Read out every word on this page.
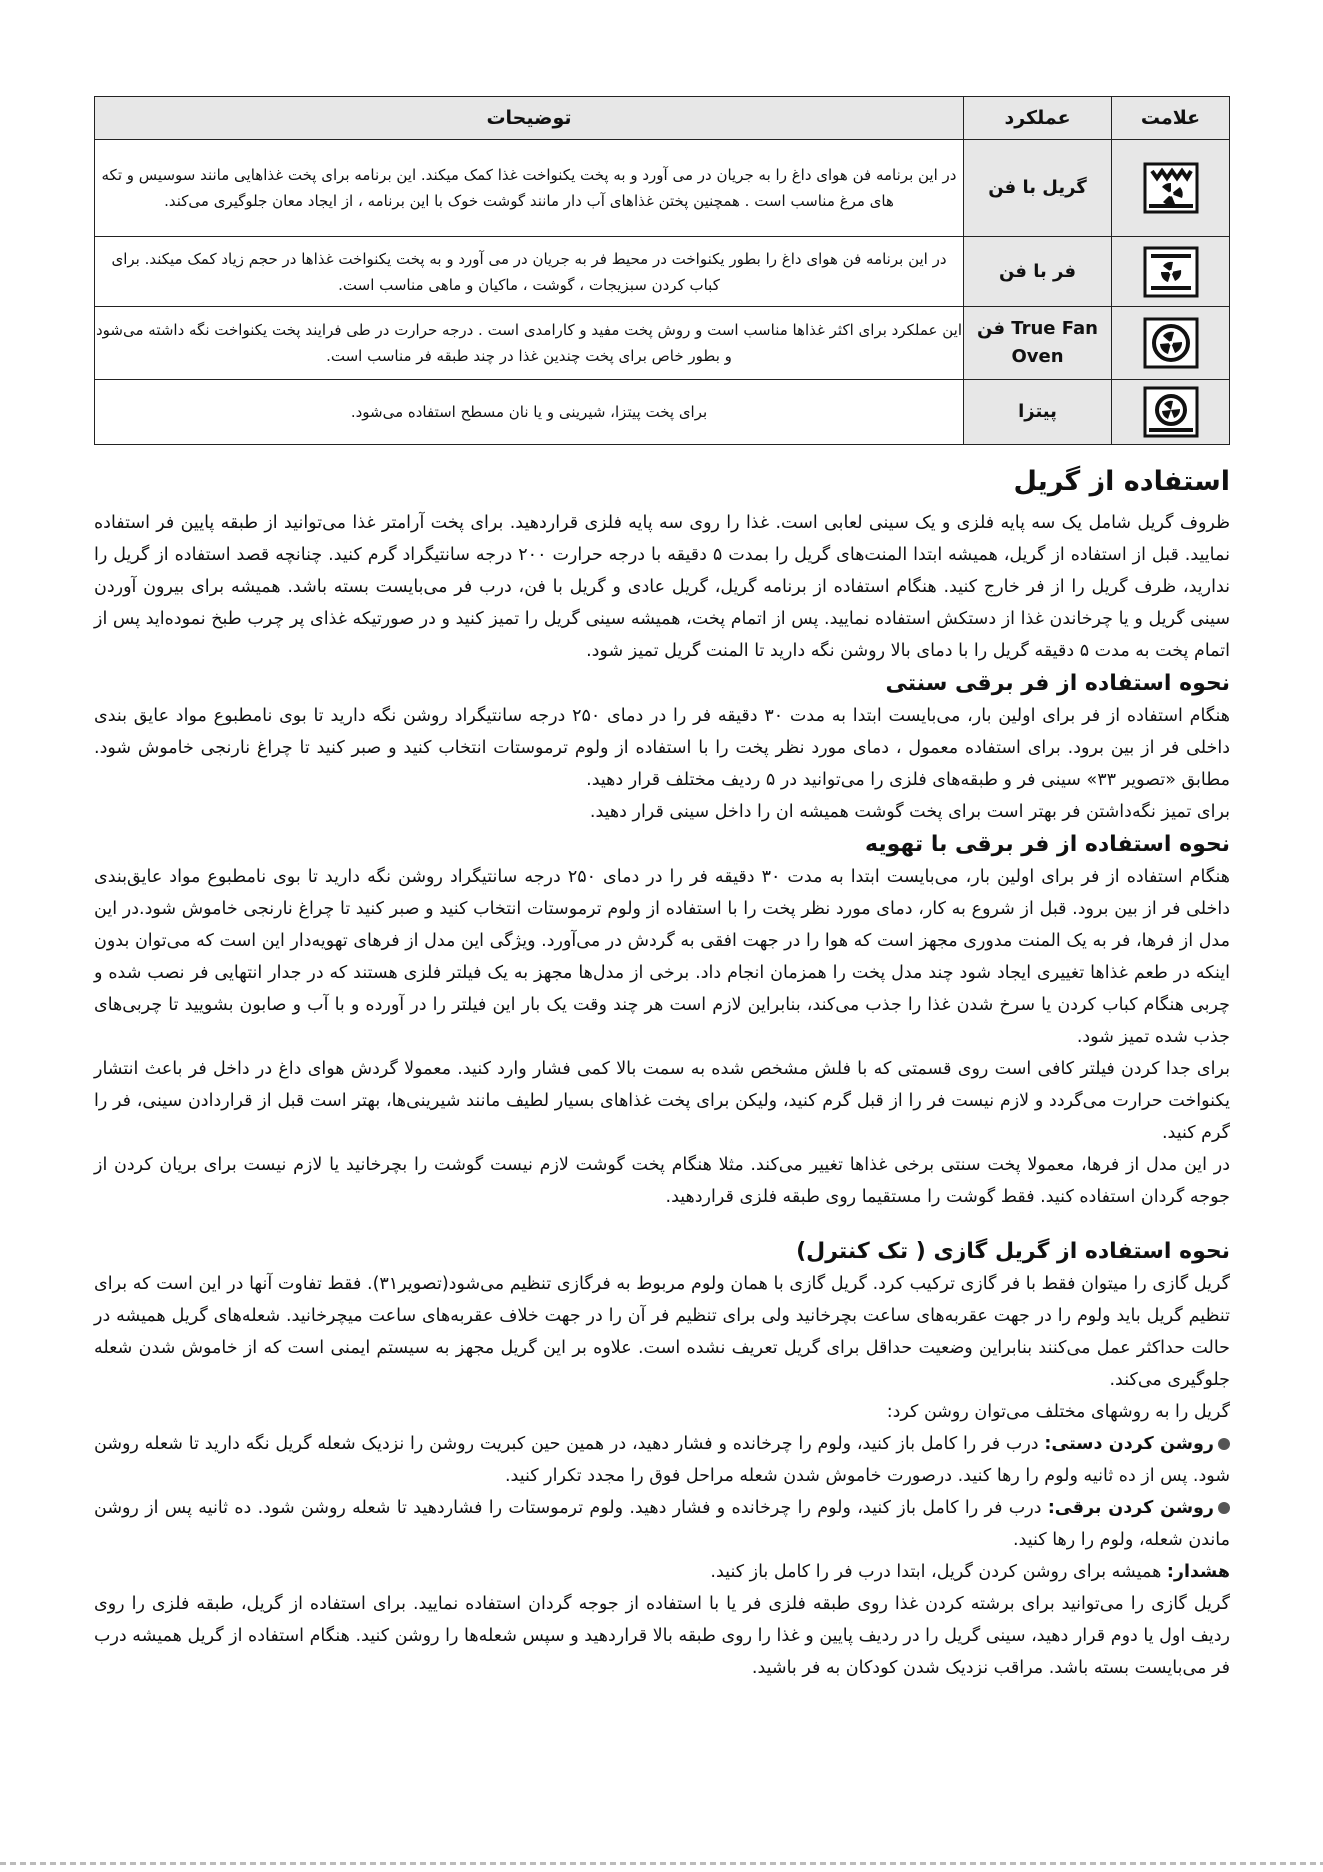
علامت	عملکرد	توضیحات
	گریل با فن	در این برنامه فن هوای داغ را به جریان در می آورد و به پخت یکنواخت غذا کمک میکند. این برنامه برای پخت غذاهایی مانند سوسیس و تکه های مرغ مناسب است . همچنین پختن غذاهای آب دار مانند گوشت خوک با این برنامه ، از ایجاد معان جلوگیری می‌کند.
	فر با فن	در این برنامه فن هوای داغ را بطور یکنواخت در محیط فر به جریان در می آورد و به پخت یکنواخت غذاها در حجم زیاد کمک میکند. برای کباب کردن سبزیجات ، گوشت ، ماکیان و ماهی مناسب است.
	True Fan فن Oven	این عملکرد برای اکثر غذاها مناسب است و روش پخت مفید و کارامدی است . درجه حرارت در طی فرایند پخت یکنواخت نگه داشته می‌شود و بطور خاص برای پخت چندین غذا در چند طبقه فر مناسب است.
	پیتزا	برای پخت پیتزا، شیرینی و یا نان مسطح استفاده می‌شود.
استفاده از گریل

ظروف گریل شامل یک سه پایه فلزی و یک سینی لعابی است. غذا را روی سه پایه فلزی قراردهید. برای پخت آرامتر غذا می‌توانید از طبقه پایین فر استفاده نمایید. قبل از استفاده از گریل، همیشه ابتدا المنت‌های گریل را بمدت ۵ دقیقه با درجه حرارت ۲۰۰ درجه سانتیگراد گرم کنید. چنانچه قصد استفاده از گریل را ندارید، ظرف گریل را از فر خارج کنید. هنگام استفاده از برنامه گریل، گریل عادی و گریل با فن، درب فر می‌بایست بسته باشد. همیشه برای بیرون آوردن سینی گریل و یا چرخاندن غذا از دستکش استفاده نمایید. پس از اتمام پخت، همیشه سینی گریل را تمیز کنید و در صورتیکه غذای پر چرب طبخ نموده‌اید پس از اتمام پخت به مدت ۵ دقیقه گریل را با دمای بالا روشن نگه دارید تا المنت گریل تمیز شود.

نحوه استفاده از فر برقی سنتی

هنگام استفاده از فر برای اولین بار، می‌بایست ابتدا به مدت ۳۰ دقیقه فر را در دمای ۲۵۰ درجه سانتیگراد روشن نگه دارید تا بوی نامطبوع مواد عایق بندی داخلی فر از بین برود. برای استفاده معمول ، دمای مورد نظر پخت را با استفاده از ولوم ترموستات انتخاب کنید و صبر کنید تا چراغ نارنجی خاموش شود. مطابق «تصویر ۳۳» سینی فر و طبقه‌های فلزی را می‌توانید در ۵ ردیف مختلف قرار دهید.

برای تمیز نگه‌داشتن فر بهتر است برای پخت گوشت همیشه ان را داخل سینی قرار دهید.

نحوه استفاده از فر برقی با تهویه

هنگام استفاده از فر برای اولین بار، می‌بایست ابتدا به مدت ۳۰ دقیقه فر را در دمای ۲۵۰ درجه سانتیگراد روشن نگه دارید تا بوی نامطبوع مواد عایق‌بندی داخلی فر از بین برود. قبل از شروع به کار، دمای مورد نظر پخت را با استفاده از ولوم ترموستات انتخاب کنید و صبر کنید تا چراغ نارنجی خاموش شود.در این مدل از فرها، فر به یک المنت مدوری مجهز است که هوا را در جهت افقی به گردش در می‌آورد. ویژگی این مدل از فرهای تهویه‌دار این است که می‌توان بدون اینکه در طعم غذاها تغییری ایجاد شود چند مدل پخت را همزمان انجام داد. برخی از مدل‌ها مجهز به یک فیلتر فلزی هستند که در جدار انتهایی فر نصب شده و چربی هنگام کباب کردن یا سرخ شدن غذا را جذب می‌کند، بنابراین لازم است هر چند وقت یک بار این فیلتر را در آورده و با آب و صابون بشویید تا چربی‌های جذب شده تمیز شود.

برای جدا کردن فیلتر کافی است روی قسمتی که با فلش مشخص شده به سمت بالا کمی فشار وارد کنید. معمولا گردش هوای داغ در داخل فر باعث انتشار یکنواخت حرارت می‌گردد و لازم نیست فر را از قبل گرم کنید، ولیکن برای پخت غذاهای بسیار لطیف مانند شیرینی‌ها، بهتر است قبل از قراردادن سینی، فر را گرم کنید.

در این مدل از فرها، معمولا پخت سنتی برخی غذاها تغییر می‌کند. مثلا هنگام پخت گوشت لازم نیست گوشت را بچرخانید یا لازم نیست برای بریان کردن از جوجه گردان استفاده کنید. فقط گوشت را مستقیما روی طبقه فلزی قراردهید.

نحوه استفاده از گریل گازی ( تک کنترل)

گریل گازی را میتوان فقط با فر گازی ترکیب کرد. گریل گازی با همان ولوم مربوط به فرگازی تنظیم می‌شود(تصویر۳۱). فقط تفاوت آنها در این است که برای تنظیم گریل باید ولوم را در جهت عقربه‌های ساعت بچرخانید ولی برای تنظیم فر آن را در جهت خلاف عقربه‌های ساعت میچرخانید. شعله‌های گریل همیشه در حالت حداکثر عمل می‌کنند بنابراین وضعیت حداقل برای گریل تعریف نشده است. علاوه بر این گریل مجهز به سیستم ایمنی است که از خاموش شدن شعله جلوگیری می‌کند.

گریل را به روشهای مختلف می‌توان روشن کرد:

روشن کردن دستی: درب فر را کامل باز کنید، ولوم را چرخانده و فشار دهید، در همین حین کبریت روشن را نزدیک شعله گریل نگه دارید تا شعله روشن شود. پس از ده ثانیه ولوم را رها کنید. درصورت خاموش شدن شعله مراحل فوق را مجدد تکرار کنید.

روشن کردن برقی: درب فر را کامل باز کنید، ولوم را چرخانده و فشار دهید. ولوم ترموستات را فشاردهید تا شعله روشن شود. ده ثانیه پس از روشن ماندن شعله، ولوم را رها کنید.

هشدار: همیشه برای روشن کردن گریل، ابتدا درب فر را کامل باز کنید.

گریل گازی را می‌توانید برای برشته کردن غذا روی طبقه فلزی فر یا با استفاده از جوجه گردان استفاده نمایید. برای استفاده از گریل، طبقه فلزی را روی ردیف اول یا دوم قرار دهید، سینی گریل را در ردیف پایین و غذا را روی طبقه بالا قراردهید و سپس شعله‌ها را روشن کنید. هنگام استفاده از گریل همیشه درب فر می‌بایست بسته باشد. مراقب نزدیک شدن کودکان به فر باشید.
